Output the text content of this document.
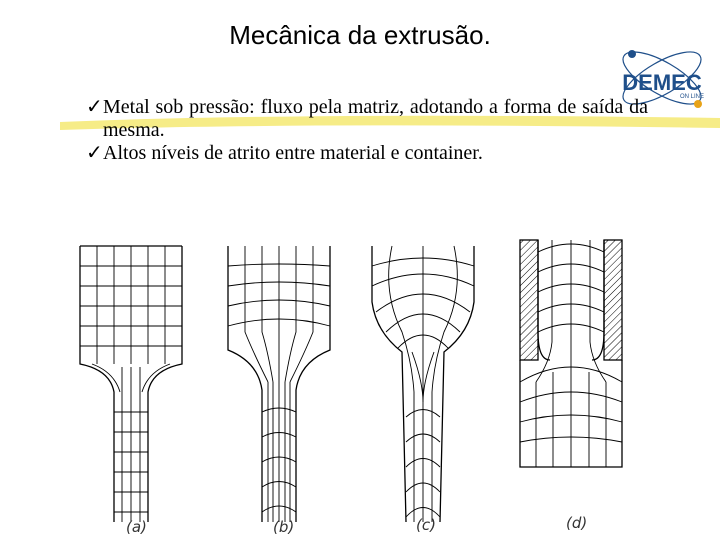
Mecânica da extrusão.
DEMEC
ON LINE
✓ Metal sob pressão: fluxo pela matriz, adotando a forma de saída da mesma.
✓ Altos níveis de atrito entre material e container.
(a)	(b)	(c)	(d)
